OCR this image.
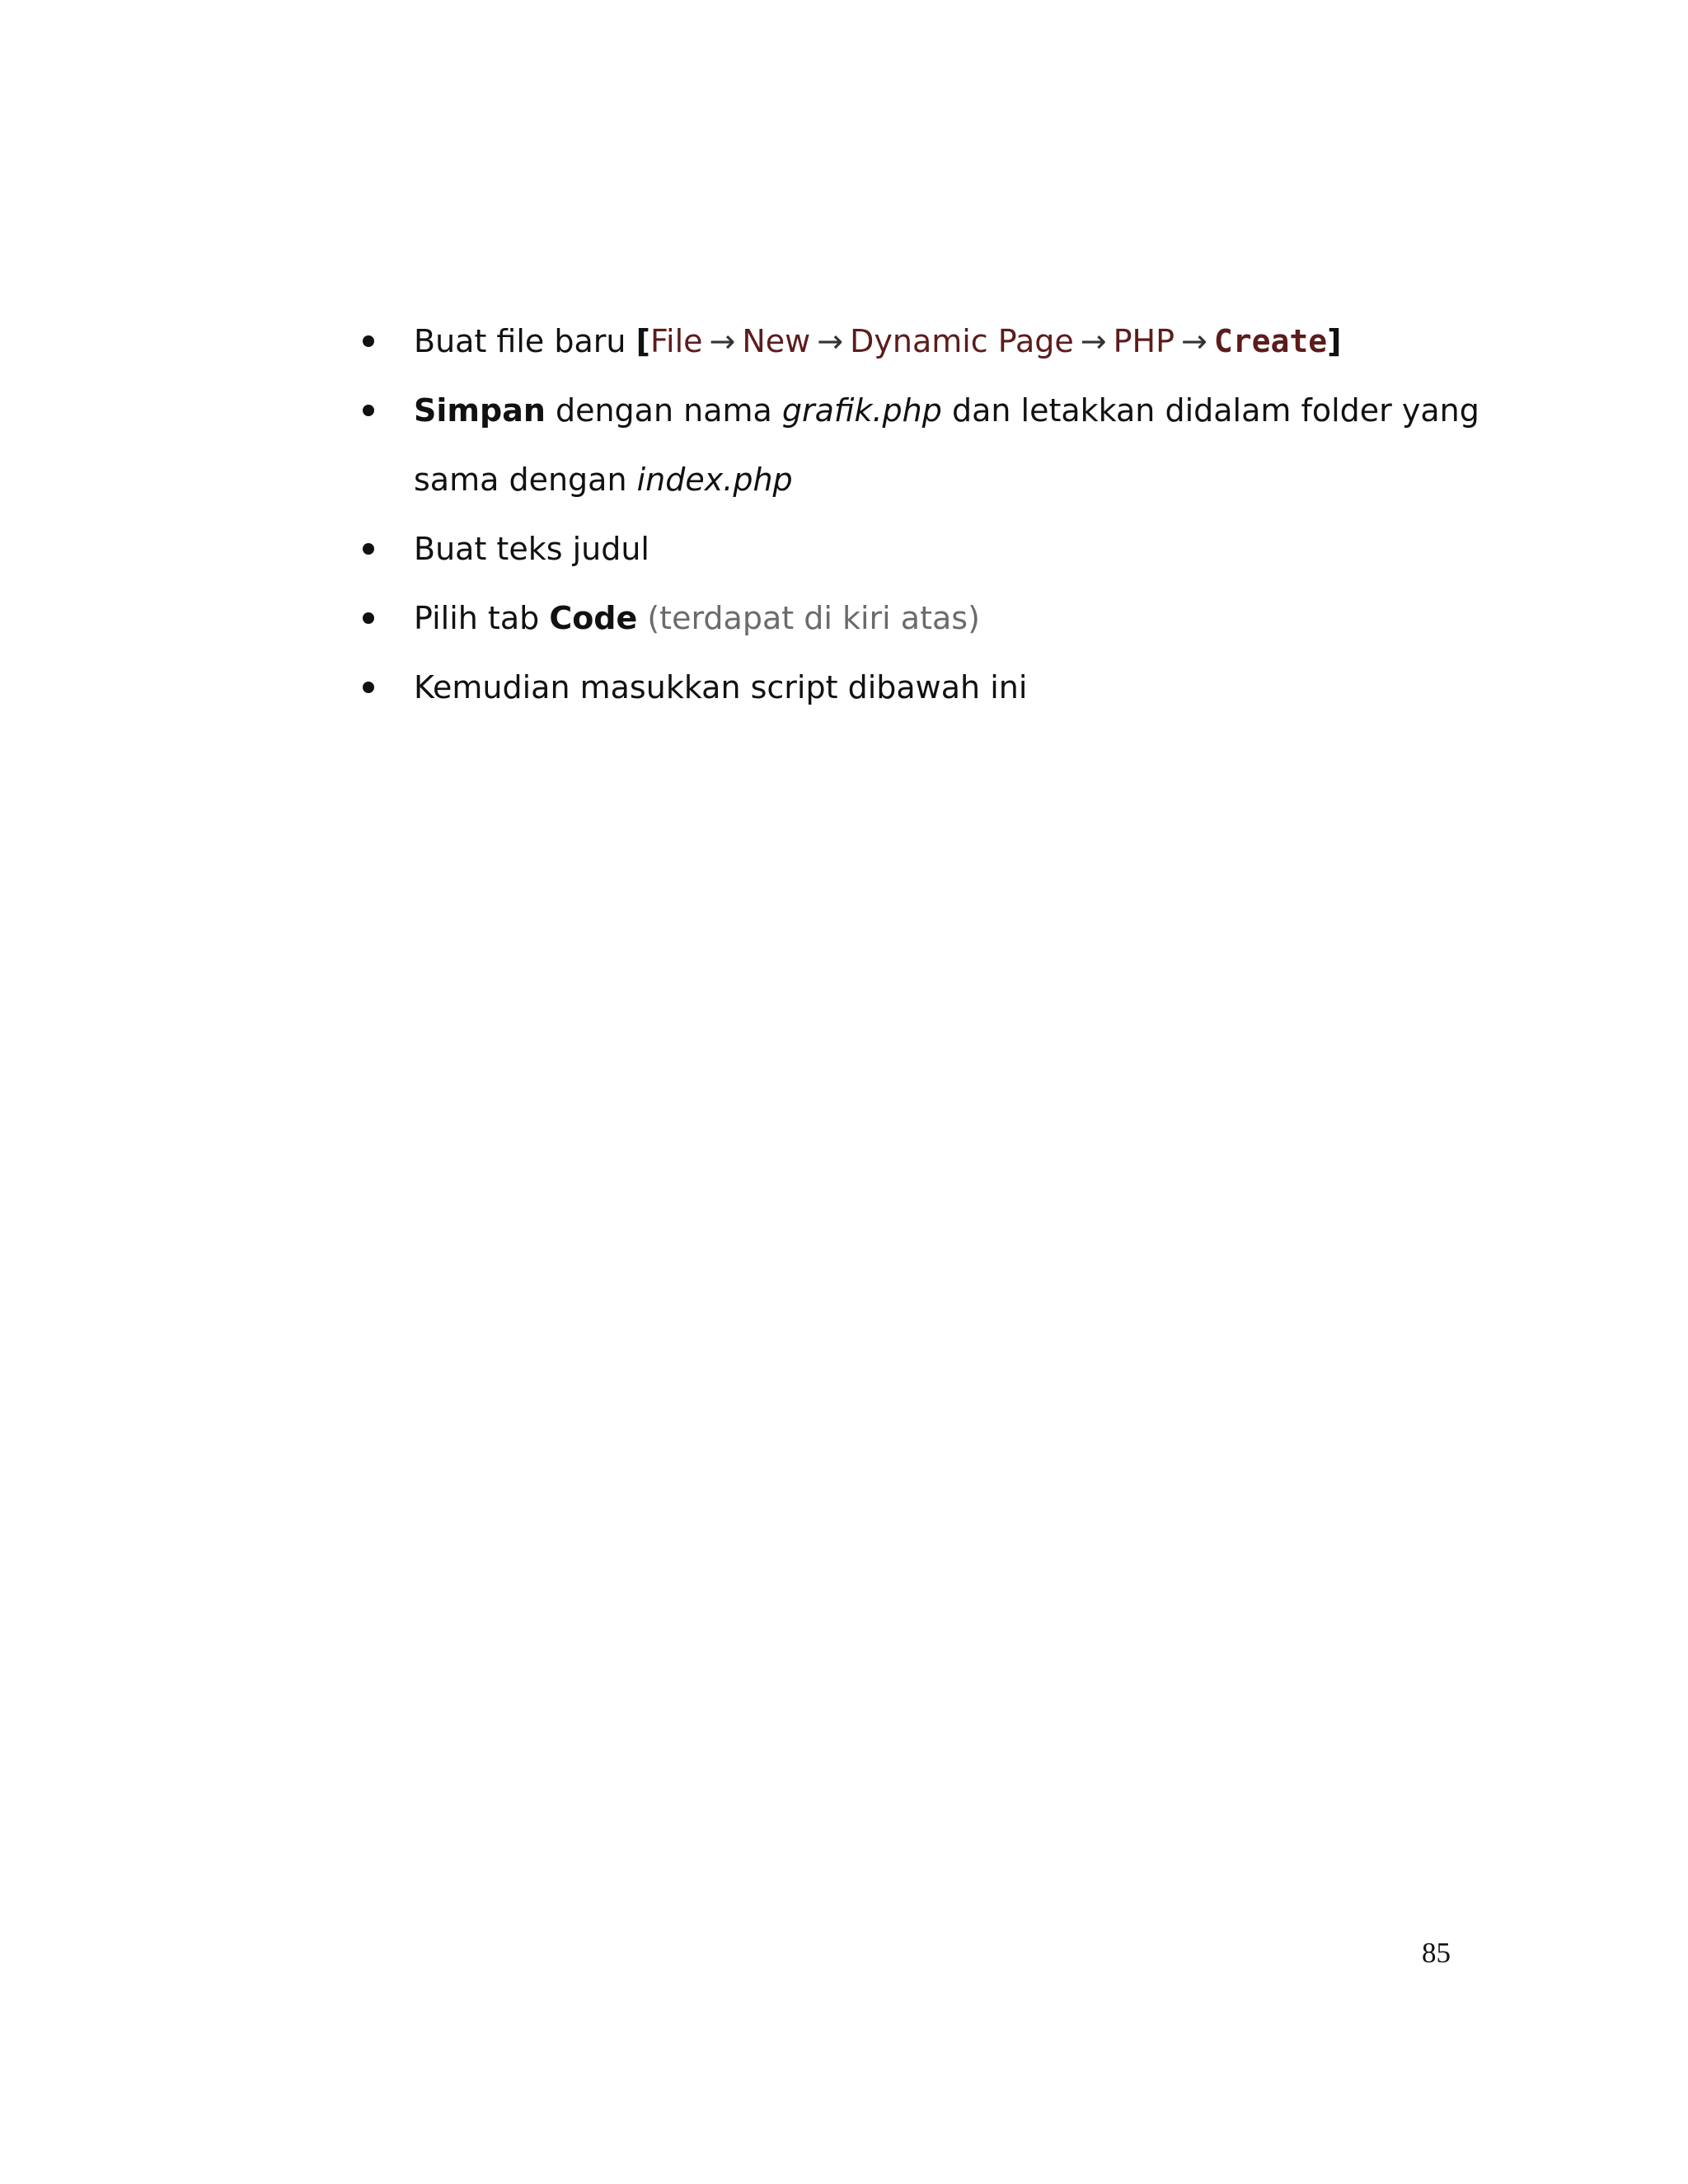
Buat file baru [File → New → Dynamic Page → PHP → Create]
Simpan dengan nama grafik.php dan letakkan didalam folder yang
sama dengan index.php
Buat teks judul
Pilih tab Code (terdapat di kiri atas)
Kemudian masukkan script dibawah ini
85
